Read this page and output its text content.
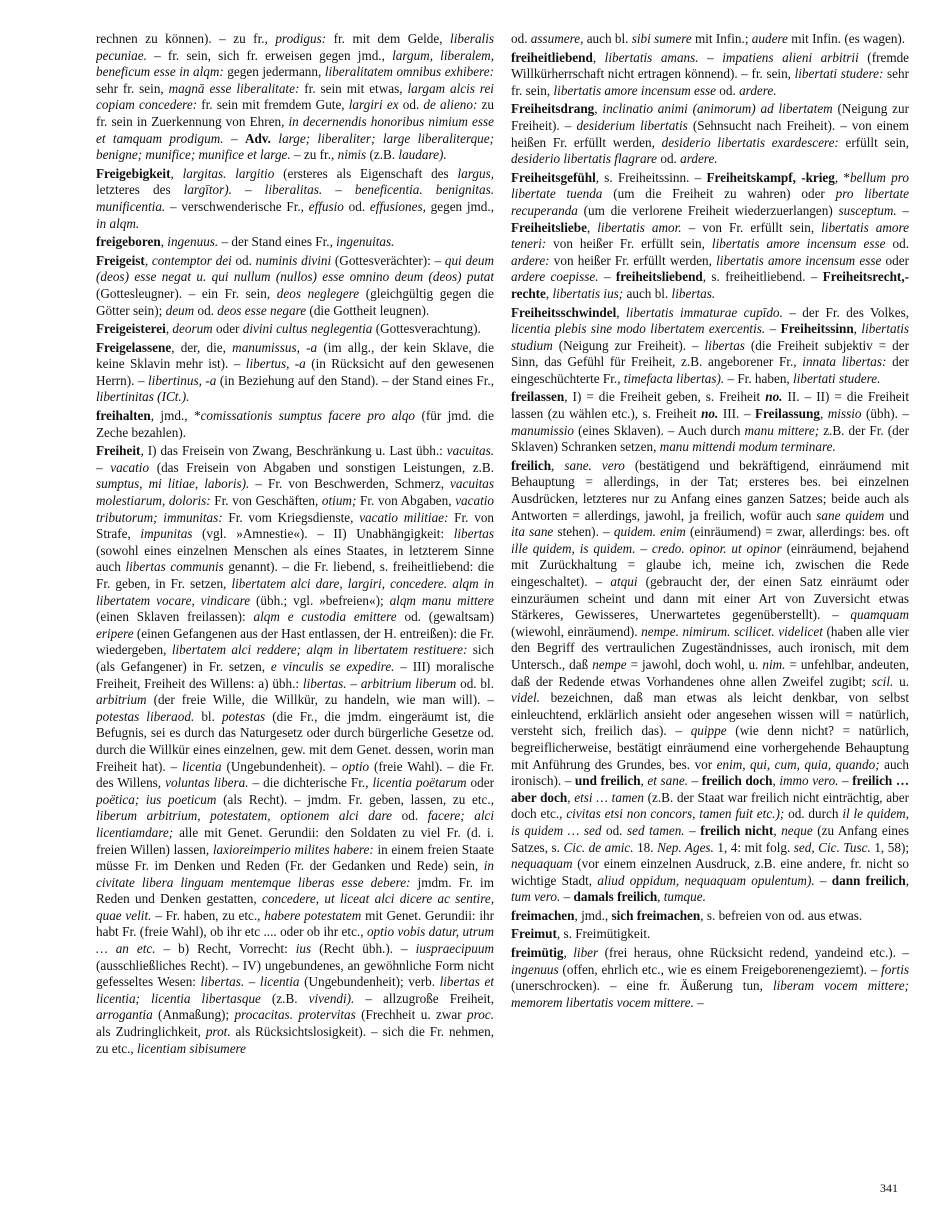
rechnen zu können). – zu fr., prodigus: fr. mit dem Gelde, liberalis pecuniae. – fr. sein, sich fr. erweisen gegen jmd., largum, liberalem, beneficum esse in alqm: gegen jedermann, liberalitatem omnibus exhibere: sehr fr. sein, magnā esse liberalitate: fr. sein mit etwas, largam alcis rei copiam concedere: fr. sein mit fremdem Gute, largiri ex od. de alieno: zu fr. sein in Zuerkennung von Ehren, in decernendis honoribus nimium esse et tamquam prodigum. – Adv. large; liberaliter; large liberaliterque; benigne; munifice; munifice et large. – zu fr., nimis (z.B. laudare).

Freigebigkeit, largitas. largitio (ersteres als Eigenschaft des largus, letzteres des largītor). – liberalitas. – beneficentia. benignitas. munificentia. – verschwenderische Fr., effusio od. effusiones, gegen jmd., in alqm.

freigeboren, ingenuus. – der Stand eines Fr., ingenuitas.

Freigeist, contemptor dei od. numinis divini (Gottesverächter): – qui deum (deos) esse negat u. qui nullum (nullos) esse omnino deum (deos) putat (Gottesleugner). – ein Fr. sein, deos neglegere (gleichgültig gegen die Götter sein); deum od. deos esse negare (die Gottheit leugnen).

Freigeisterei, deorum oder divini cultus neglegentia (Gottesverachtung).

Freigelassene, der, die, manumissus, -a (im allg., der kein Sklave, die keine Sklavin mehr ist). – libertus, -a (in Rücksicht auf den gewesenen Herrn). – libertinus, -a (in Beziehung auf den Stand). – der Stand eines Fr., libertinitas (ICt.).

freihalten, jmd., *comissationis sumptus facere pro alqo (für jmd. die Zeche bezahlen).

Freiheit, I) das Freisein von Zwang, Beschränkung u. Last übh.: vacuitas. – vacatio (das Freisein von Abgaben und sonstigen Leistungen, z.B. sumptus, mi litiae, laboris). – Fr. von Beschwerden, Schmerz, vacuitas molestiarum, doloris: Fr. von Geschäften, otium; Fr. von Abgaben, vacatio tributorum; immunitas: Fr. vom Kriegsdienste, vacatio militiae: Fr. von Strafe, impunitas (vgl. »Amnestie«). – II) Unabhängigkeit: libertas (sowohl eines einzelnen Menschen als eines Staates, in letzterem Sinne auch libertas communis genannt). – die Fr. liebend, s. freiheitliebend: die Fr. geben, in Fr. setzen, libertatem alci dare, largiri, concedere. alqm in libertatem vocare, vindicare (übh.; vgl. »befreien«); alqm manu mittere (einen Sklaven freilassen): alqm e custodia emittere od. (gewaltsam) eripere (einen Gefangenen aus der Hast entlassen, der H. entreißen): die Fr. wiedergeben, libertatem alci reddere; alqm in libertatem restituere: sich (als Gefangener) in Fr. setzen, e vinculis se expedire. – III) moralische Freiheit, Freiheit des Willens: a) übh.: libertas. – arbitrium liberum od. bl. arbitrium (der freie Wille, die Willkür, zu handeln, wie man will). – potestas liberaod. bl. potestas (die Fr., die jmdm. eingeräumt ist, die Befugnis, sei es durch das Naturgesetz oder durch bürgerliche Gesetze od. durch die Willkür eines einzelnen, gew. mit dem Genet. dessen, worin man Freiheit hat). – licentia (Ungebundenheit). – optio (freie Wahl). – die Fr. des Willens, voluntas libera. – die dichterische Fr., licentia poëtarum oder poëtica; ius poeticum (als Recht). – jmdm. Fr. geben, lassen, zu etc., liberum arbitrium, potestatem, optionem alci dare od. facere; alci licentiamdare; alle mit Genet. Gerundii: den Soldaten zu viel Fr. (d. i. freien Willen) lassen, laxioreimperio milites habere: in einem freien Staate müsse Fr. im Denken und Reden (Fr. der Gedanken und Rede) sein, in civitate libera linguam mentemque liberas esse debere: jmdm. Fr. im Reden und Denken gestatten, concedere, ut liceat alci dicere ac sentire, quae velit. – Fr. haben, zu etc., habere potestatem mit Genet. Gerundii: ihr habt Fr. (freie Wahl), ob ihr etc .... oder ob ihr etc., optio vobis datur, utrum … an etc. – b) Recht, Vorrecht: ius (Recht übh.). – iuspraecipuum (ausschließliches Recht). – IV) ungebundenes, an gewöhnliche Form nicht gefesseltes Wesen: libertas. – licentia (Ungebundenheit); verb. libertas et licentia; licentia libertasque (z.B. vivendi). – allzugroße Freiheit, arrogantia (Anmaßung); procacitas. protervitas (Frechheit u. zwar proc. als Zudringlichkeit, prot. als Rücksichtslosigkeit). – sich die Fr. nehmen, zu etc., licentiam sibisumere

od. assumere, auch bl. sibi sumere mit Infin.; audere mit Infin. (es wagen).

freiheitliebend, libertatis amans. – impatiens alieni arbitrii (fremde Willkürherrschaft nicht ertragen könnend). – fr. sein, libertati studere: sehr fr. sein, libertatis amore incensum esse od. ardere.

Freiheitsdrang, inclinatio animi (animorum) ad libertatem (Neigung zur Freiheit). – desiderium libertatis (Sehnsucht nach Freiheit). – von einem heißen Fr. erfüllt werden, desiderio libertatis exardescere: erfüllt sein, desiderio libertatis flagrare od. ardere.

Freiheitsgefühl, s. Freiheitssinn. – Freiheitskampf, -krieg, *bellum pro libertate tuenda (um die Freiheit zu wahren) oder pro libertate recuperanda (um die verlorene Freiheit wiederzuerlangen) susceptum. – Freiheitsliebe, libertatis amor. – von Fr. erfüllt sein, libertatis amore teneri: von heißer Fr. erfüllt sein, libertatis amore incensum esse od. ardere: von heißer Fr. erfüllt werden, libertatis amore incensum esse oder ardere coepisse. – freiheitsliebend, s. freiheitliebend. – Freiheitsrecht,-rechte, libertatis ius; auch bl. libertas.

Freiheitsschwindel, libertatis immaturae cupīdo. – der Fr. des Volkes, licentia plebis sine modo libertatem exercentis. – Freiheitssinn, libertatis studium (Neigung zur Freiheit). – libertas (die Freiheit subjektiv = der Sinn, das Gefühl für Freiheit, z.B. angeborener Fr., innata libertas: der eingeschüchterte Fr., timefacta libertas). – Fr. haben, libertati studere.

freilassen, I) = die Freiheit geben, s. Freiheit no. II. – II) = die Freiheit lassen (zu wählen etc.), s. Freiheit no. III. – Freilassung, missio (übh). – manumissio (eines Sklaven). – Auch durch manu mittere; z.B. der Fr. (der Sklaven) Schranken setzen, manu mittendi modum terminare.

freilich, sane. vero (bestätigend und bekräftigend, einräumend mit Behauptung = allerdings, in der Tat; ersteres bes. bei einzelnen Ausdrücken, letzteres nur zu Anfang eines ganzen Satzes; beide auch als Antworten = allerdings, jawohl, ja freilich, wofür auch sane quidem und ita sane stehen). – quidem. enim (einräumend) = zwar, allerdings: bes. oft ille quidem, is quidem. – credo. opinor. ut opinor (einräumend, bejahend mit Zurückhaltung = glaube ich, meine ich, zwischen die Rede eingeschaltet). – atqui (gebraucht der, der einen Satz einräumt oder einzuräumen scheint und dann mit einer Art von Zuversicht etwas Stärkeres, Gewisseres, Unerwartetes gegenüberstellt). – quamquam (wiewohl, einräumend). nempe. nimirum. scilicet. videlicet (haben alle vier den Begriff des vertraulichen Zugeständnisses, auch ironisch, mit dem Untersch., daß nempe = jawohl, doch wohl, u. nim. = unfehlbar, andeuten, daß der Redende etwas Vorhandenes ohne allen Zweifel zugibt; scil. u. videl. bezeichnen, daß man etwas als leicht denkbar, von selbst einleuchtend, erklärlich ansieht oder angesehen wissen will = natürlich, versteht sich, freilich das). – quippe (wie denn nicht? = natürlich, begreiflicherweise, bestätigt einräumend eine vorhergehende Behauptung mit Anführung des Grundes, bes. vor enim, qui, cum, quia, quando; auch ironisch). – und freilich, et sane. – freilich doch, immo vero. – freilich … aber doch, etsi … tamen (z.B. der Staat war freilich nicht einträchtig, aber doch etc., civitas etsi non concors, tamen fuit etc.); od. durch il le quidem, is quidem … sed od. sed tamen. – freilich nicht, neque (zu Anfang eines Satzes, s. Cic. de amic. 18. Nep. Ages. 1, 4: mit folg. sed, Cic. Tusc. 1, 58); nequaquam (vor einem einzelnen Ausdruck, z.B. eine andere, fr. nicht so wichtige Stadt, aliud oppidum, nequaquam opulentum). – dann freilich, tum vero. – damals freilich, tumque.

freimachen, jmd., sich freimachen, s. befreien von od. aus etwas.

Freimut, s. Freimütigkeit.

freimütig, liber (frei heraus, ohne Rücksicht redend, yandeind etc.). – ingenuus (offen, ehrlich etc., wie es einem Freigeborenengeziemt). – fortis (unerschrocken). – eine fr. Äußerung tun, liberam vocem mittere; memorem libertatis vocem mittere. –

341
